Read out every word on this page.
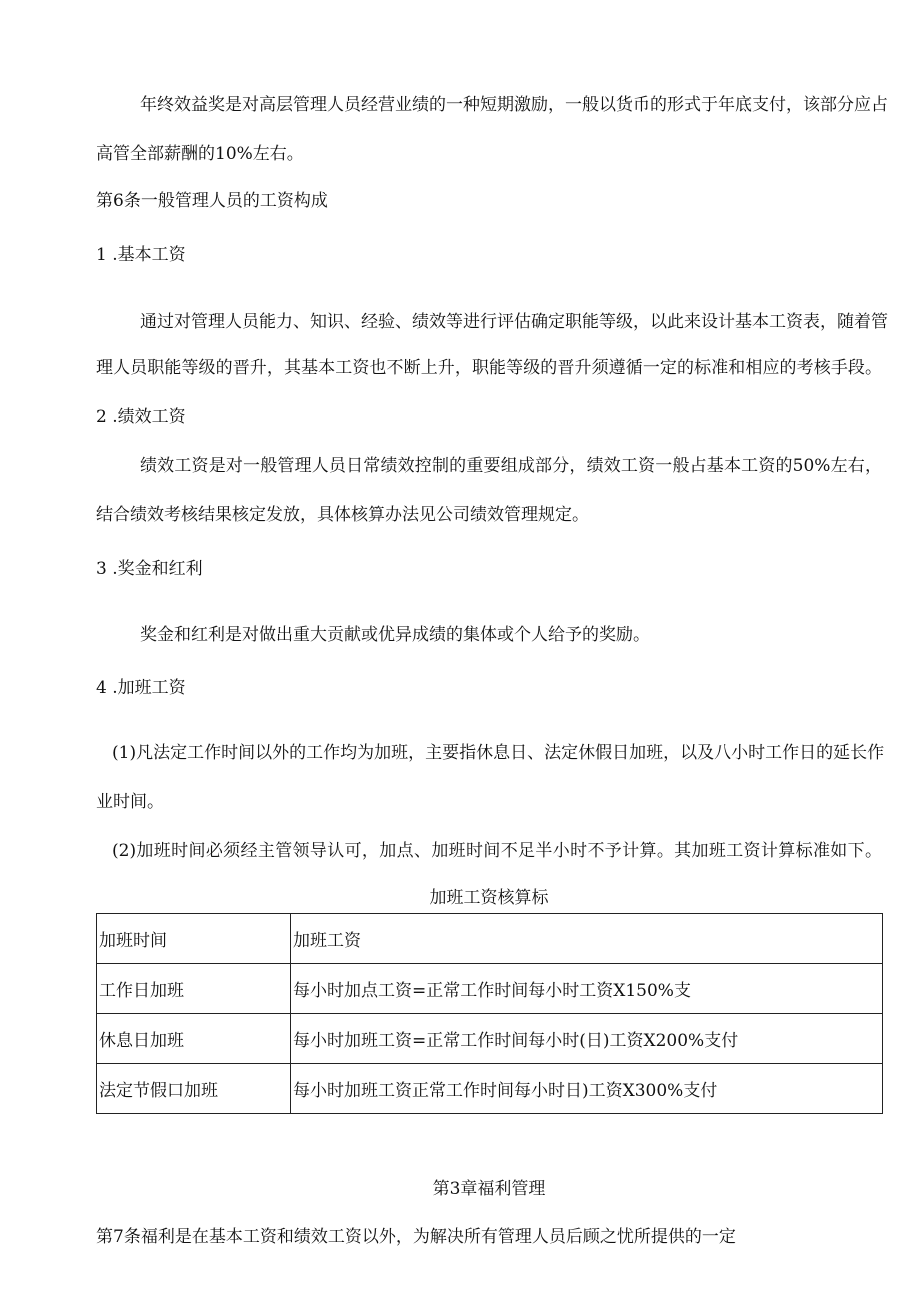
年终效益奖是对高层管理人员经营业绩的一种短期激励，一般以货币的形式于年底支付，该部分应占
高管全部薪酬的10%左右。
第6条一般管理人员的工资构成
1 .基本工资
通过对管理人员能力、知识、经验、绩效等进行评估确定职能等级，以此来设计基本工资表，随着管
理人员职能等级的晋升，其基本工资也不断上升，职能等级的晋升须遵循一定的标准和相应的考核手段。
2 .绩效工资
绩效工资是对一般管理人员日常绩效控制的重要组成部分，绩效工资一般占基本工资的50%左右，
结合绩效考核结果核定发放，具体核算办法见公司绩效管理规定。
3 .奖金和红利
奖金和红利是对做出重大贡献或优异成绩的集体或个人给予的奖励。
4 .加班工资
(1)凡法定工作时间以外的工作均为加班，主要指休息日、法定休假日加班，以及八小时工作日的延长作
业时间。
(2)加班时间必须经主管领导认可，加点、加班时间不足半小时不予计算。其加班工资计算标准如下。
加班工资核算标
加班时间	加班工资
工作日加班	每小时加点工资=正常工作时间每小时工资X150%支
休息日加班	每小时加班工资=正常工作时间每小时(日)工资X200%支付
法定节假口加班	每小时加班工资正常工作时间每小时日)工资X300%支付
第3章福利管理
第7条福利是在基本工资和绩效工资以外，为解决所有管理人员后顾之忧所提供的一定
